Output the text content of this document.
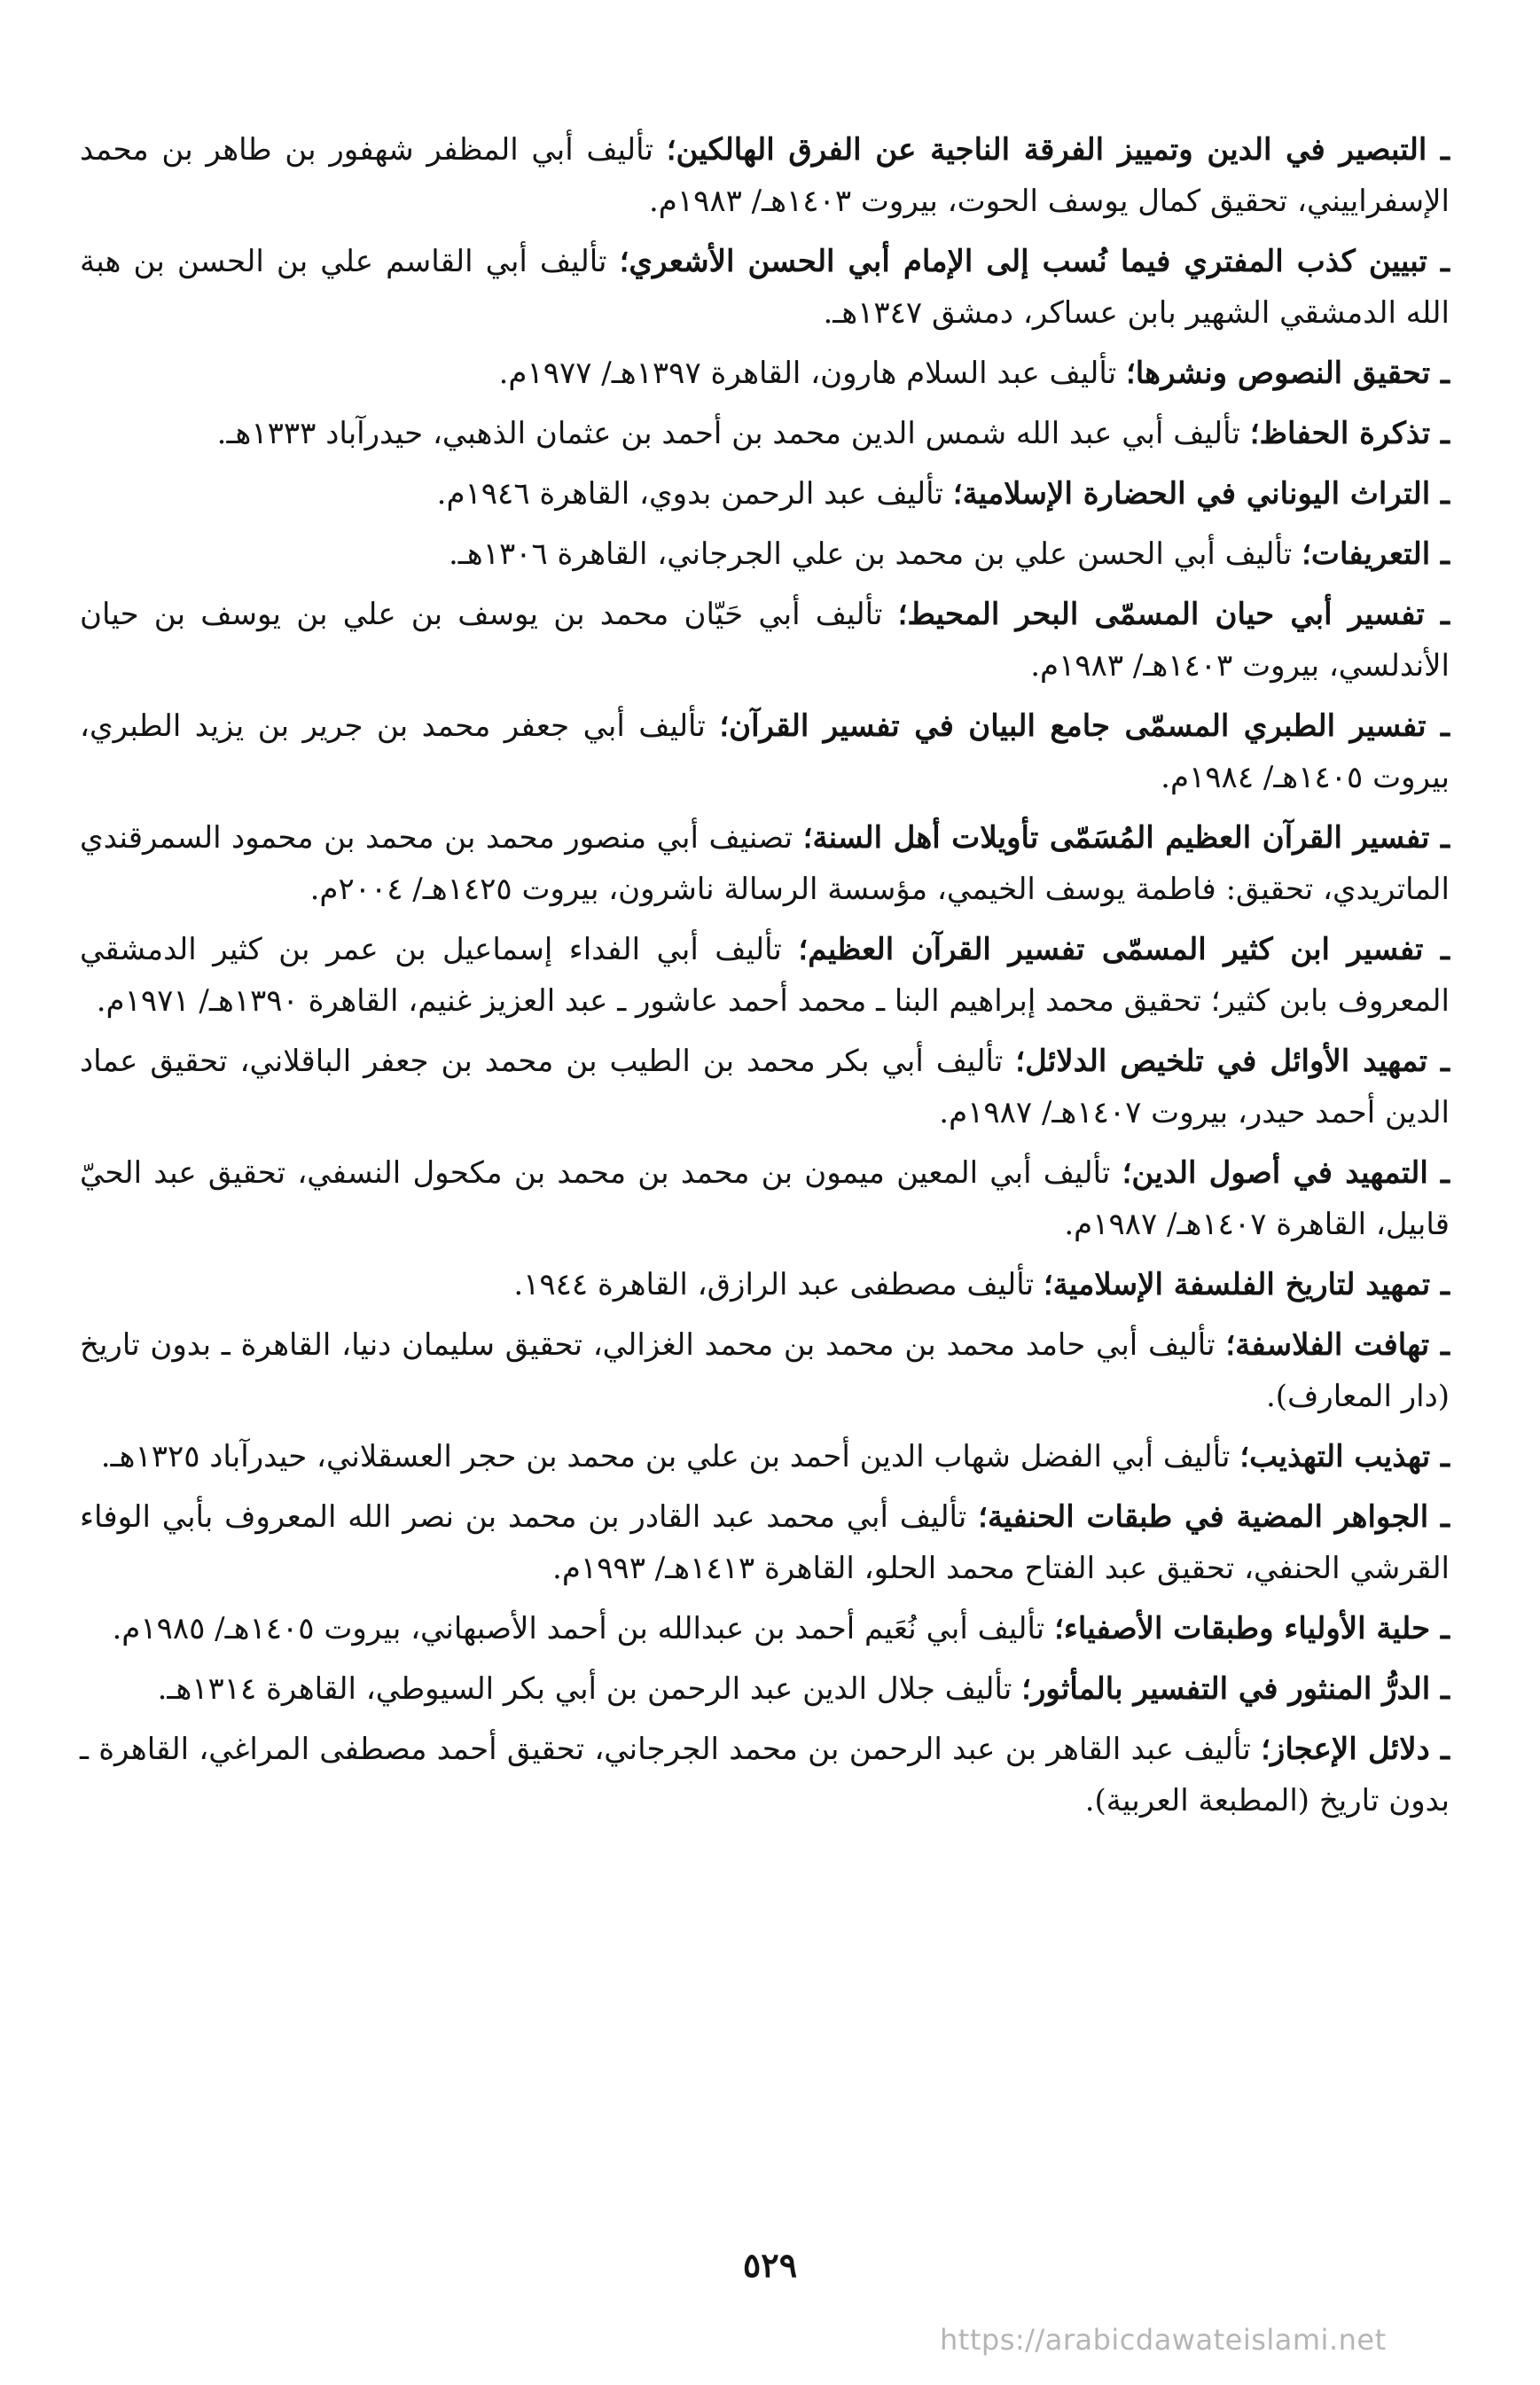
ـ التبصير في الدين وتمييز الفرقة الناجية عن الفرق الهالكين؛ تأليف أبي المظفر شهفور بن طاهر بن محمد الإسفراييني، تحقيق كمال يوسف الحوت، بيروت ١٤٠٣هـ/ ١٩٨٣م.

ـ تبيين كذب المفتري فيما نُسب إلى الإمام أبي الحسن الأشعري؛ تأليف أبي القاسم علي بن الحسن بن هبة الله الدمشقي الشهير بابن عساكر، دمشق ١٣٤٧هـ.

ـ تحقيق النصوص ونشرها؛ تأليف عبد السلام هارون، القاهرة ١٣٩٧هـ/ ١٩٧٧م.

ـ تذكرة الحفاظ؛ تأليف أبي عبد الله شمس الدين محمد بن أحمد بن عثمان الذهبي، حيدرآباد ١٣٣٣هـ.

ـ التراث اليوناني في الحضارة الإسلامية؛ تأليف عبد الرحمن بدوي، القاهرة ١٩٤٦م.

ـ التعريفات؛ تأليف أبي الحسن علي بن محمد بن علي الجرجاني، القاهرة ١٣٠٦هـ.

ـ تفسير أبي حيان المسمّى البحر المحيط؛ تأليف أبي حَيّان محمد بن يوسف بن علي بن يوسف بن حيان الأندلسي، بيروت ١٤٠٣هـ/ ١٩٨٣م.

ـ تفسير الطبري المسمّى جامع البيان في تفسير القرآن؛ تأليف أبي جعفر محمد بن جرير بن يزيد الطبري، بيروت ١٤٠٥هـ/ ١٩٨٤م.

ـ تفسير القرآن العظيم المُسَمّى تأويلات أهل السنة؛ تصنيف أبي منصور محمد بن محمد بن محمود السمرقندي الماتريدي، تحقيق: فاطمة يوسف الخيمي، مؤسسة الرسالة ناشرون، بيروت ١٤٢٥هـ/ ٢٠٠٤م.

ـ تفسير ابن كثير المسمّى تفسير القرآن العظيم؛ تأليف أبي الفداء إسماعيل بن عمر بن كثير الدمشقي المعروف بابن كثير؛ تحقيق محمد إبراهيم البنا ـ محمد أحمد عاشور ـ عبد العزيز غنيم، القاهرة ١٣٩٠هـ/ ١٩٧١م.

ـ تمهيد الأوائل في تلخيص الدلائل؛ تأليف أبي بكر محمد بن الطيب بن محمد بن جعفر الباقلاني، تحقيق عماد الدين أحمد حيدر، بيروت ١٤٠٧هـ/ ١٩٨٧م.

ـ التمهيد في أصول الدين؛ تأليف أبي المعين ميمون بن محمد بن محمد بن مكحول النسفي، تحقيق عبد الحيّ قابيل، القاهرة ١٤٠٧هـ/ ١٩٨٧م.

ـ تمهيد لتاريخ الفلسفة الإسلامية؛ تأليف مصطفى عبد الرازق، القاهرة ١٩٤٤.

ـ تهافت الفلاسفة؛ تأليف أبي حامد محمد بن محمد بن محمد الغزالي، تحقيق سليمان دنيا، القاهرة ـ بدون تاريخ (دار المعارف).

ـ تهذيب التهذيب؛ تأليف أبي الفضل شهاب الدين أحمد بن علي بن محمد بن حجر العسقلاني، حيدرآباد ١٣٢٥هـ.

ـ الجواهر المضية في طبقات الحنفية؛ تأليف أبي محمد عبد القادر بن محمد بن نصر الله المعروف بأبي الوفاء القرشي الحنفي، تحقيق عبد الفتاح محمد الحلو، القاهرة ١٤١٣هـ/ ١٩٩٣م.

ـ حلية الأولياء وطبقات الأصفياء؛ تأليف أبي نُعَيم أحمد بن عبدالله بن أحمد الأصبهاني، بيروت ١٤٠٥هـ/ ١٩٨٥م.

ـ الدرُّ المنثور في التفسير بالمأثور؛ تأليف جلال الدين عبد الرحمن بن أبي بكر السيوطي، القاهرة ١٣١٤هـ.

ـ دلائل الإعجاز؛ تأليف عبد القاهر بن عبد الرحمن بن محمد الجرجاني، تحقيق أحمد مصطفى المراغي، القاهرة ـ بدون تاريخ (المطبعة العربية).

٥٢٩
https://arabicdawateislami.net
